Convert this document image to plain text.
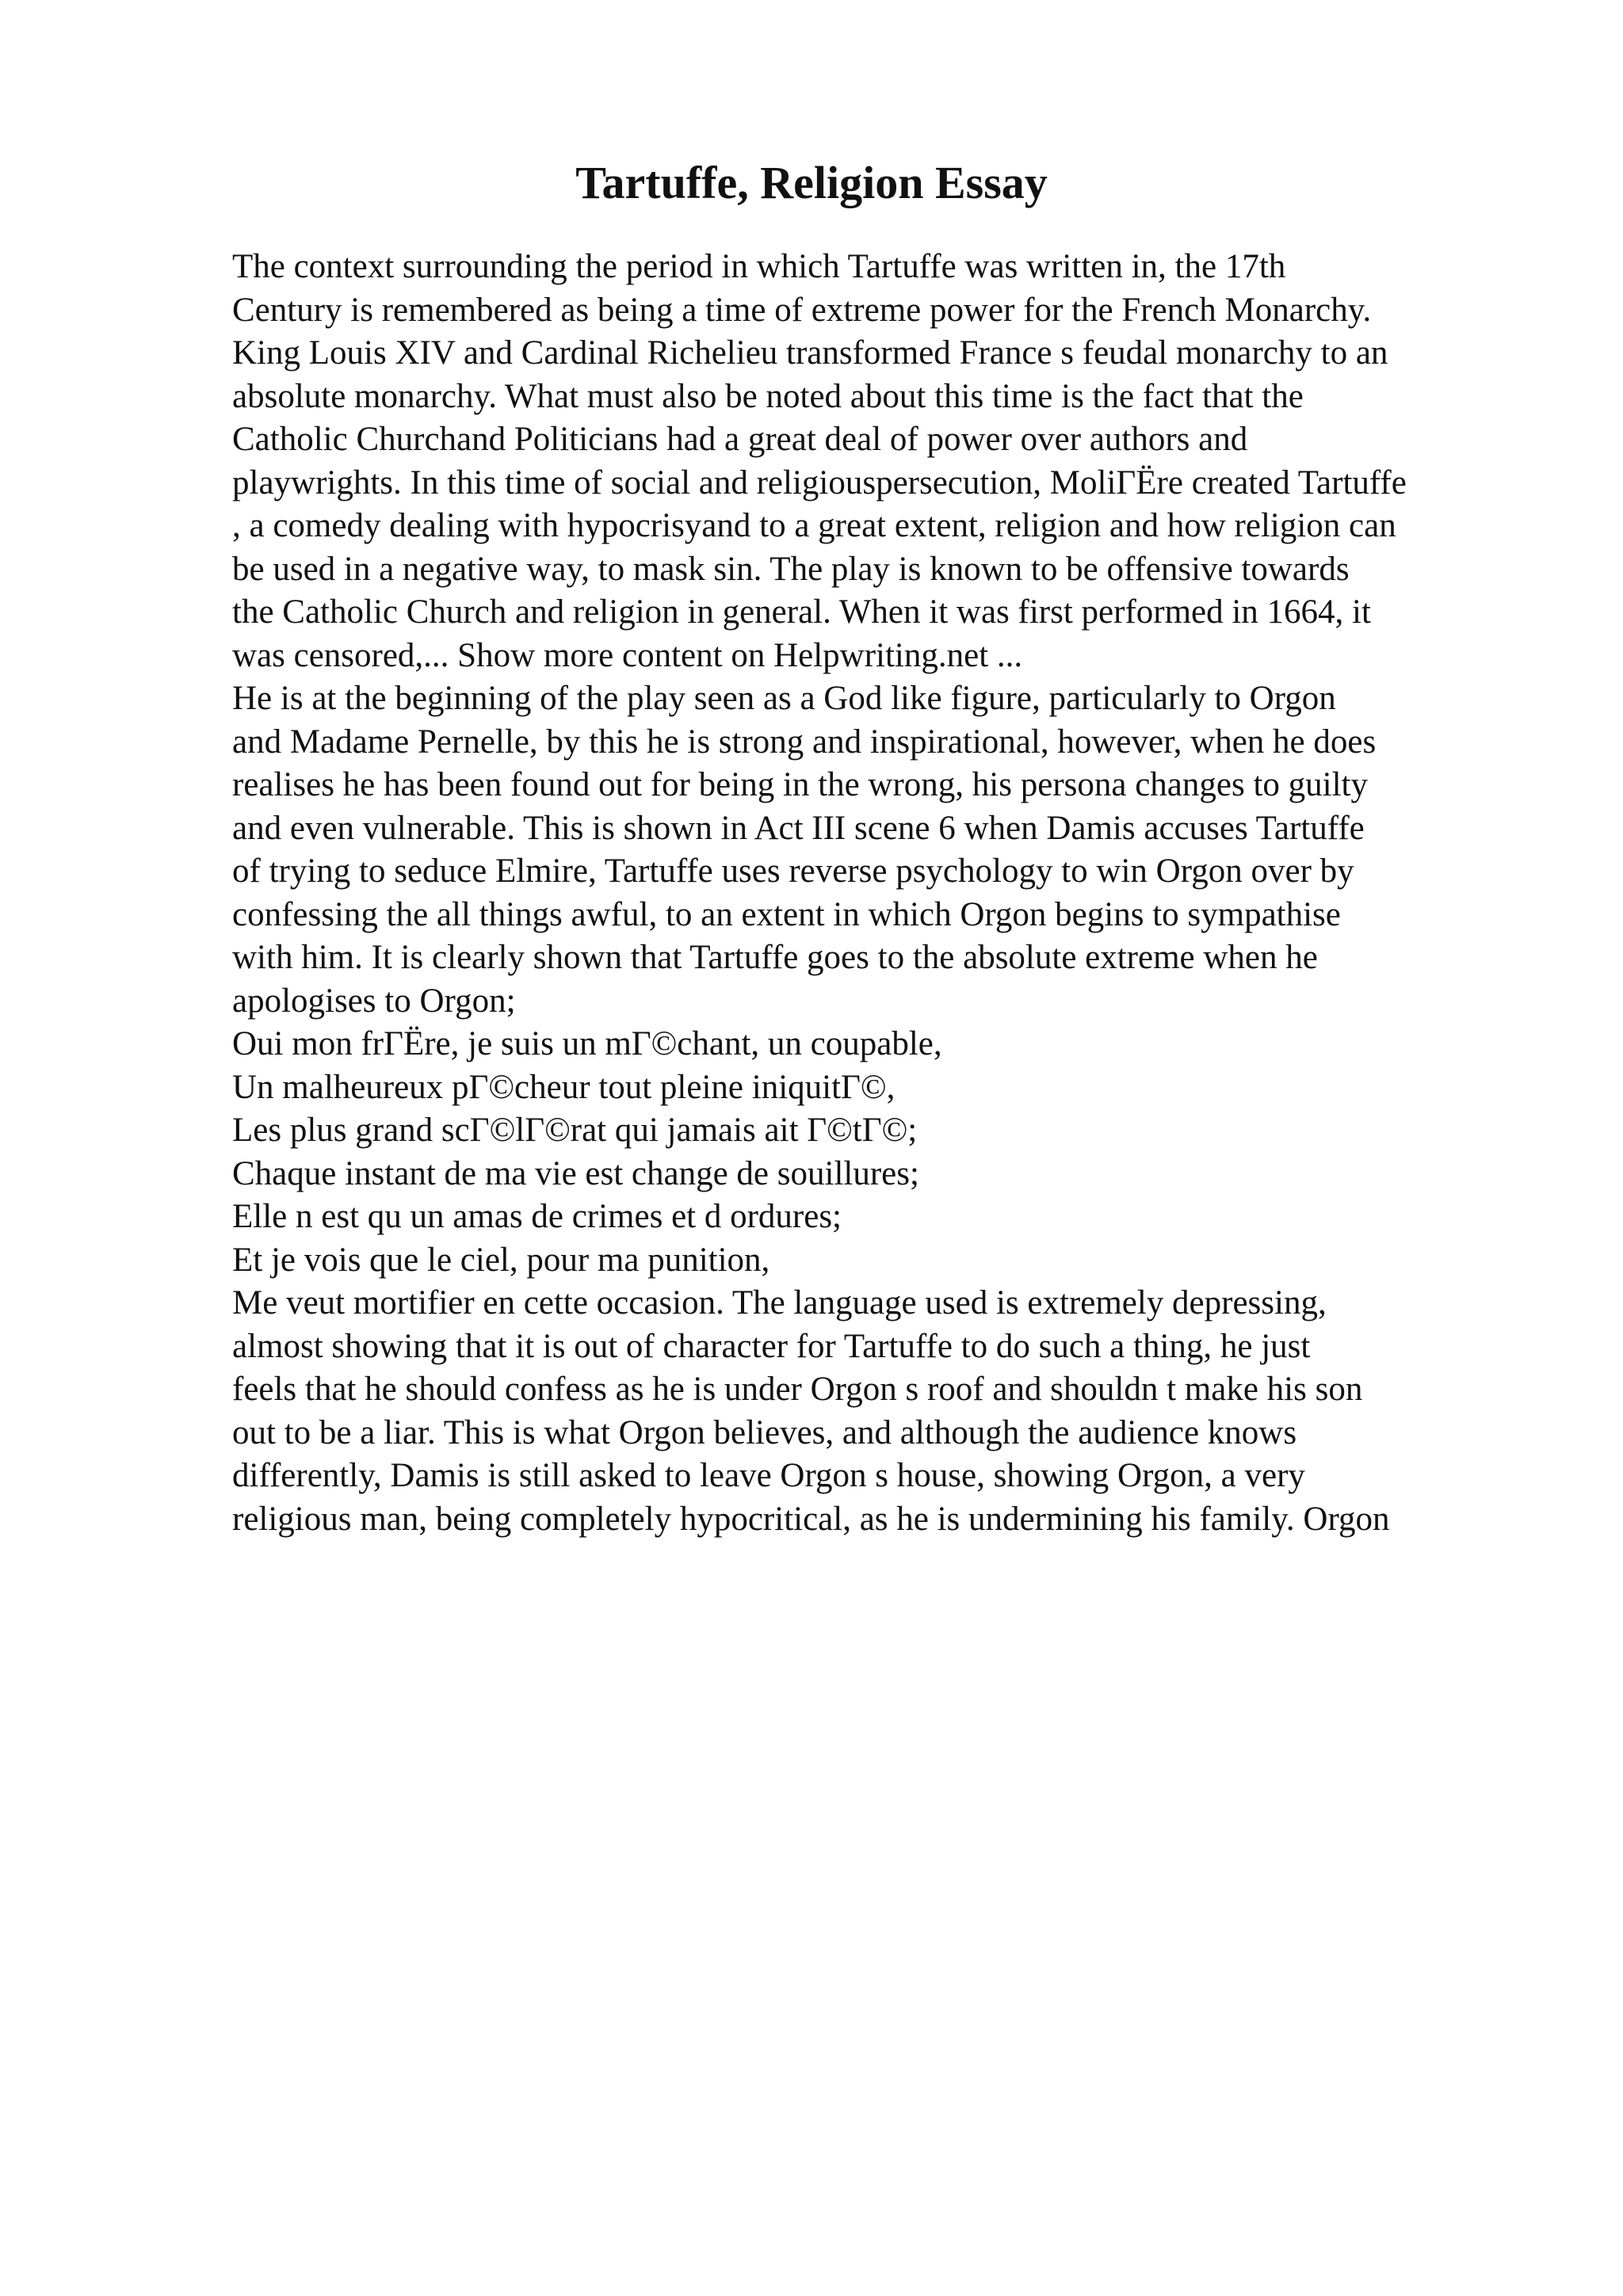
Tartuffe, Religion Essay
The context surrounding the period in which Tartuffe was written in, the 17th
Century is remembered as being a time of extreme power for the French Monarchy.
King Louis XIV and Cardinal Richelieu transformed France s feudal monarchy to an
absolute monarchy. What must also be noted about this time is the fact that the
Catholic Churchand Politicians had a great deal of power over authors and
playwrights. In this time of social and religiouspersecution, MoliГЁre created Tartuffe
, a comedy dealing with hypocrisyand to a great extent, religion and how religion can
be used in a negative way, to mask sin. The play is known to be offensive towards
the Catholic Church and religion in general. When it was first performed in 1664, it
was censored,... Show more content on Helpwriting.net ...
He is at the beginning of the play seen as a God like figure, particularly to Orgon
and Madame Pernelle, by this he is strong and inspirational, however, when he does
realises he has been found out for being in the wrong, his persona changes to guilty
and even vulnerable. This is shown in Act III scene 6 when Damis accuses Tartuffe
of trying to seduce Elmire, Tartuffe uses reverse psychology to win Orgon over by
confessing the all things awful, to an extent in which Orgon begins to sympathise
with him. It is clearly shown that Tartuffe goes to the absolute extreme when he
apologises to Orgon;
Oui mon frГЁre, je suis un mГ©chant, un coupable,
Un malheureux pГ©cheur tout pleine iniquitГ©,
Les plus grand scГ©lГ©rat qui jamais ait Г©tГ©;
Chaque instant de ma vie est change de souillures;
Elle n est qu un amas de crimes et d ordures;
Et je vois que le ciel, pour ma punition,
Me veut mortifier en cette occasion. The language used is extremely depressing,
almost showing that it is out of character for Tartuffe to do such a thing, he just
feels that he should confess as he is under Orgon s roof and shouldn t make his son
out to be a liar. This is what Orgon believes, and although the audience knows
differently, Damis is still asked to leave Orgon s house, showing Orgon, a very
religious man, being completely hypocritical, as he is undermining his family. Orgon
